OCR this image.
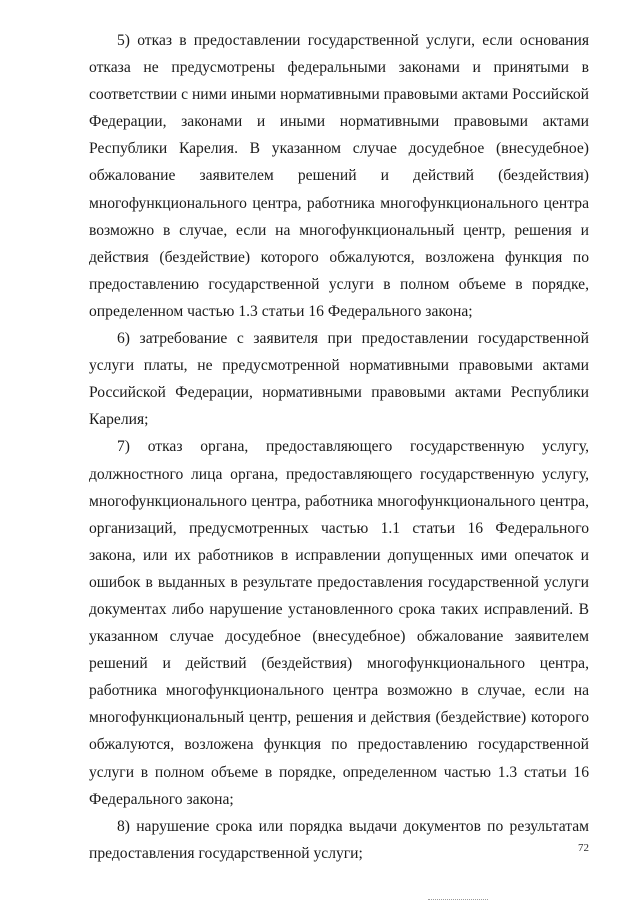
5) отказ в предоставлении государственной услуги, если основания отказа не предусмотрены федеральными законами и принятыми в соответствии с ними иными нормативными правовыми актами Российской Федерации, законами и иными нормативными правовыми актами Республики Карелия. В указанном случае досудебное (внесудебное) обжалование заявителем решений и действий (бездействия) многофункционального центра, работника многофункционального центра возможно в случае, если на многофункциональный центр, решения и действия (бездействие) которого обжалуются, возложена функция по предоставлению государственной услуги в полном объеме в порядке, определенном частью 1.3 статьи 16 Федерального закона;

6) затребование с заявителя при предоставлении государственной услуги платы, не предусмотренной нормативными правовыми актами Российской Федерации, нормативными правовыми актами Республики Карелия;

7) отказ органа, предоставляющего государственную услугу, должностного лица органа, предоставляющего государственную услугу, многофункционального центра, работника многофункционального центра, организаций, предусмотренных частью 1.1 статьи 16 Федерального закона, или их работников в исправлении допущенных ими опечаток и ошибок в выданных в результате предоставления государственной услуги документах либо нарушение установленного срока таких исправлений. В указанном случае досудебное (внесудебное) обжалование заявителем решений и действий (бездействия) многофункционального центра, работника многофункционального центра возможно в случае, если на многофункциональный центр, решения и действия (бездействие) которого обжалуются, возложена функция по предоставлению государственной услуги в полном объеме в порядке, определенном частью 1.3 статьи 16 Федерального закона;

8) нарушение срока или порядка выдачи документов по результатам предоставления государственной услуги;	72
